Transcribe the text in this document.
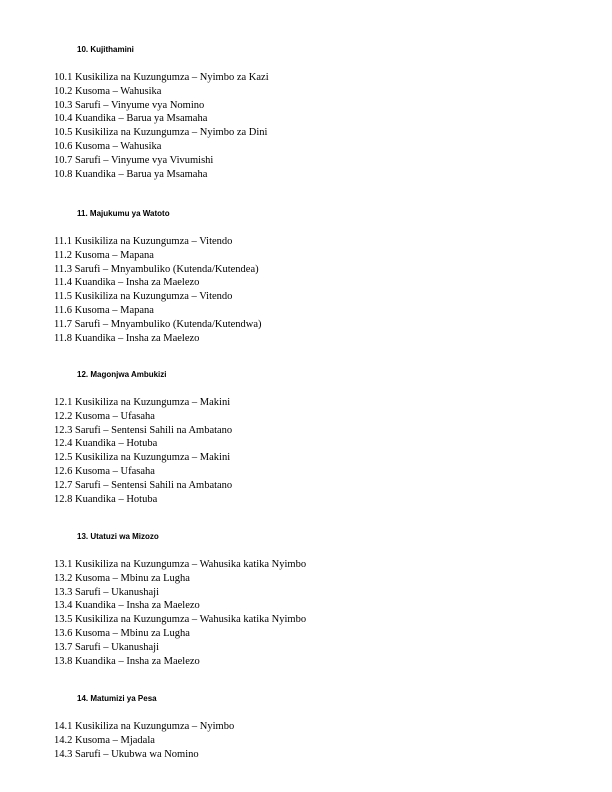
10. Kujithamini
10.1 Kusikiliza na Kuzungumza – Nyimbo za Kazi
10.2 Kusoma – Wahusika
10.3 Sarufi – Vinyume vya Nomino
10.4 Kuandika – Barua ya Msamaha
10.5 Kusikiliza na Kuzungumza – Nyimbo za Dini
10.6 Kusoma – Wahusika
10.7 Sarufi – Vinyume vya Vivumishi
10.8 Kuandika – Barua ya Msamaha
11. Majukumu ya Watoto
11.1 Kusikiliza na Kuzungumza – Vitendo
11.2 Kusoma – Mapana
11.3 Sarufi – Mnyambuliko (Kutenda/Kutendea)
11.4 Kuandika – Insha za Maelezo
11.5 Kusikiliza na Kuzungumza – Vitendo
11.6 Kusoma – Mapana
11.7 Sarufi – Mnyambuliko (Kutenda/Kutendwa)
11.8 Kuandika – Insha za Maelezo
12. Magonjwa Ambukizi
12.1 Kusikiliza na Kuzungumza – Makini
12.2 Kusoma – Ufasaha
12.3 Sarufi – Sentensi Sahili na Ambatano
12.4 Kuandika – Hotuba
12.5 Kusikiliza na Kuzungumza – Makini
12.6 Kusoma – Ufasaha
12.7 Sarufi – Sentensi Sahili na Ambatano
12.8 Kuandika – Hotuba
13. Utatuzi wa Mizozo
13.1 Kusikiliza na Kuzungumza – Wahusika katika Nyimbo
13.2 Kusoma – Mbinu za Lugha
13.3 Sarufi – Ukanushaji
13.4 Kuandika – Insha za Maelezo
13.5 Kusikiliza na Kuzungumza – Wahusika katika Nyimbo
13.6 Kusoma – Mbinu za Lugha
13.7 Sarufi – Ukanushaji
13.8 Kuandika – Insha za Maelezo
14. Matumizi ya Pesa
14.1 Kusikiliza na Kuzungumza – Nyimbo
14.2 Kusoma – Mjadala
14.3 Sarufi – Ukubwa wa Nomino
